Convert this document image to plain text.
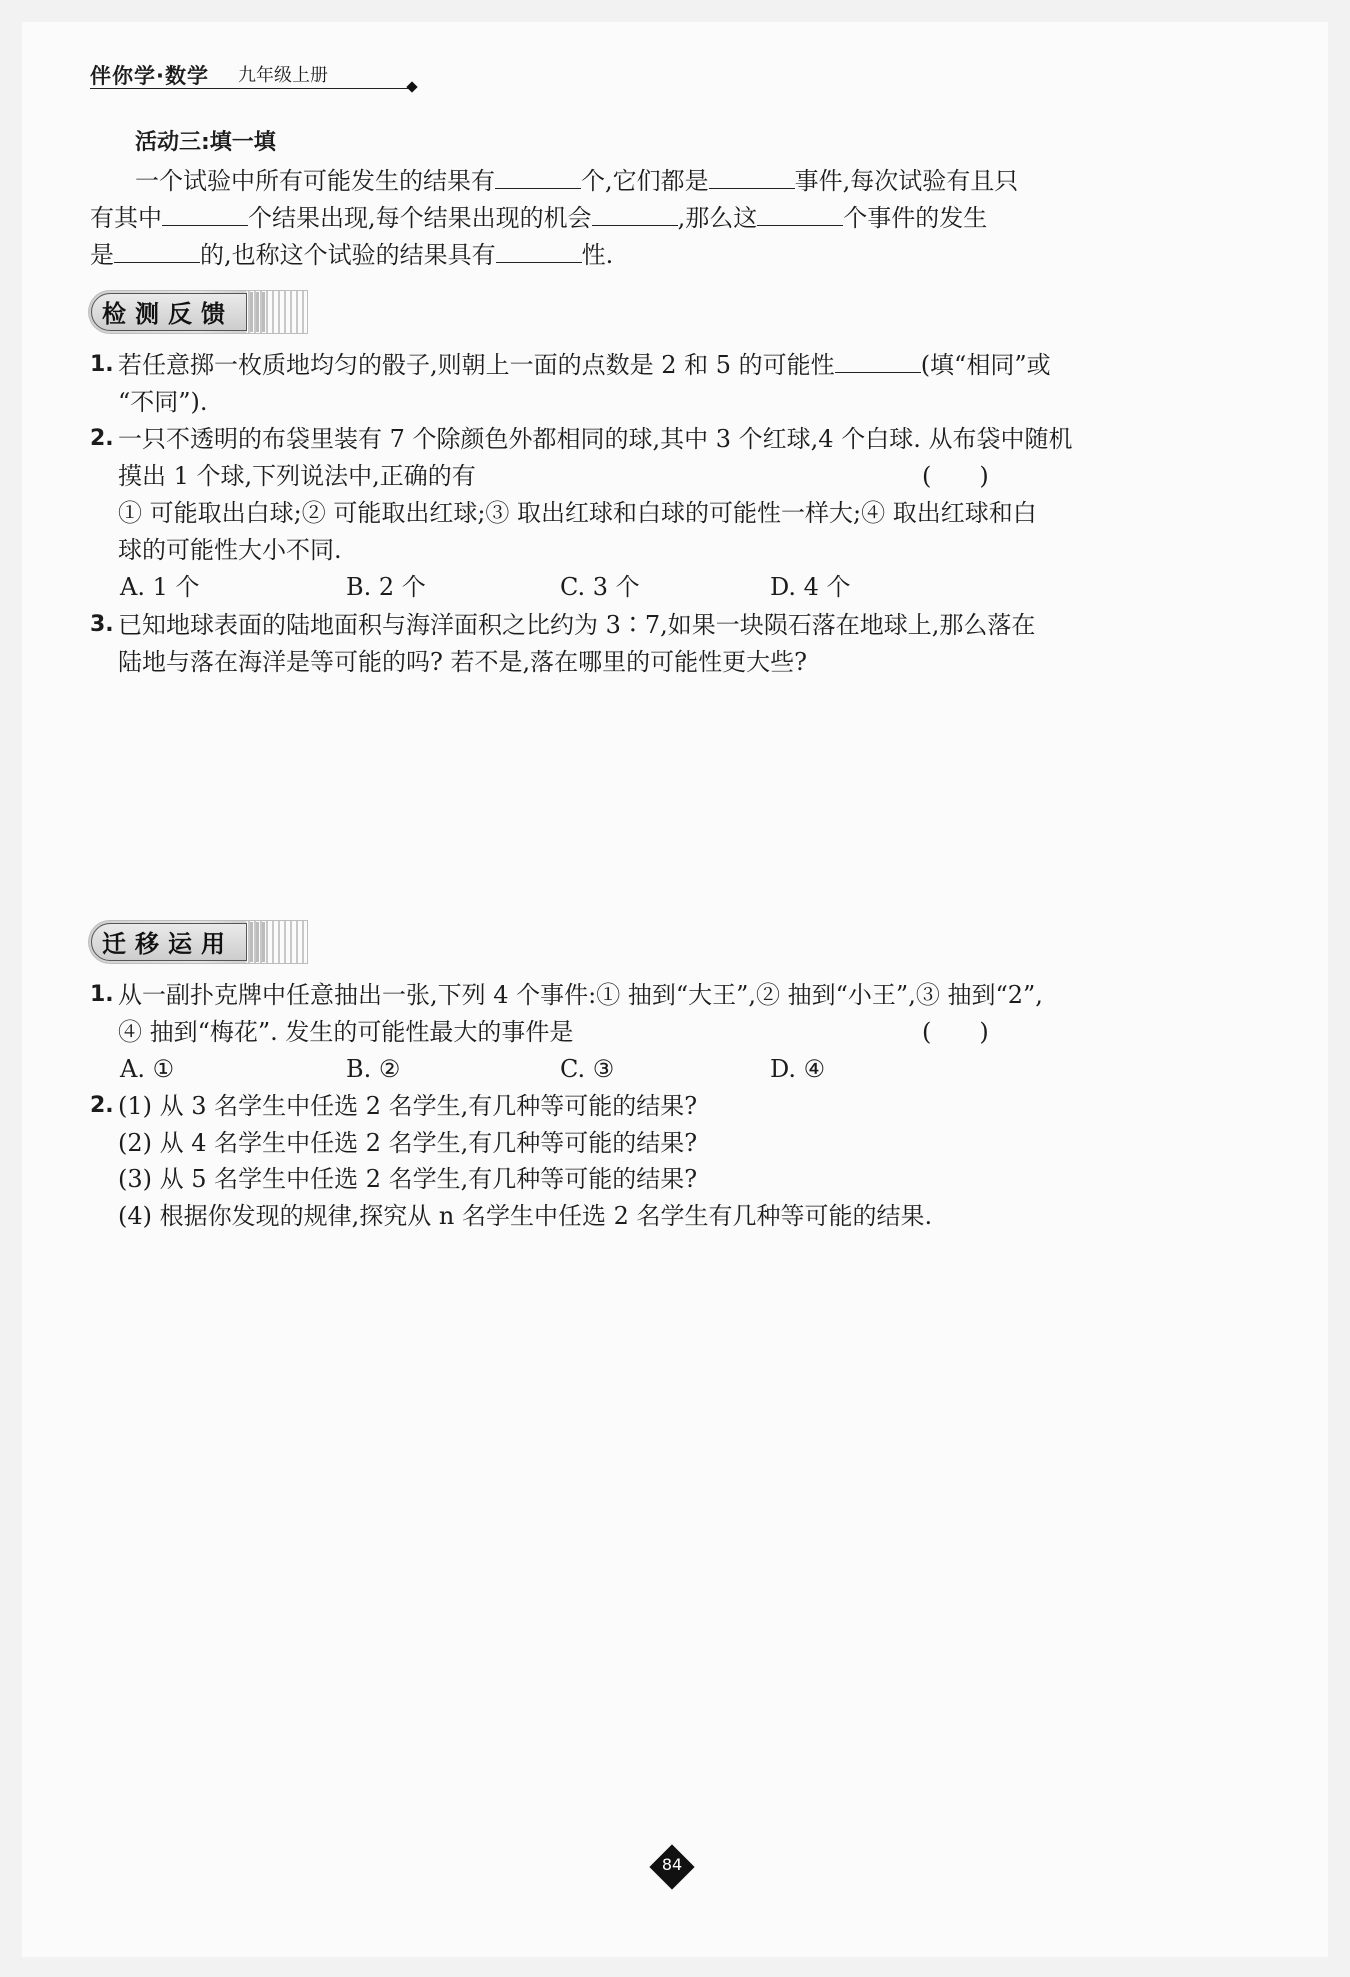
伴你学·数学 九年级上册
活动三:填一填
一个试验中所有可能发生的结果有	个,它们都是	事件,每次试验有且只
有其中	个结果出现,每个结果出现的机会	,那么这	个事件的发生
是	的,也称这个试验的结果具有	性.
检测反馈
1. 若任意掷一枚质地均匀的骰子,则朝上一面的点数是 2 和 5 的可能性	(填“相同”或
“不同”).
2. 一只不透明的布袋里装有 7 个除颜色外都相同的球,其中 3 个红球,4 个白球. 从布袋中随机
摸出 1 个球,下列说法中,正确的有	(　　)
① 可能取出白球;② 可能取出红球;③ 取出红球和白球的可能性一样大;④ 取出红球和白
球的可能性大小不同.
A. 1 个	B. 2 个	C. 3 个	D. 4 个
3. 已知地球表面的陆地面积与海洋面积之比约为 3∶7,如果一块陨石落在地球上,那么落在
陆地与落在海洋是等可能的吗? 若不是,落在哪里的可能性更大些?
迁移运用
1. 从一副扑克牌中任意抽出一张,下列 4 个事件:① 抽到“大王”,② 抽到“小王”,③ 抽到“2”,
④ 抽到“梅花”. 发生的可能性最大的事件是	(　　)
A. ①	B. ②	C. ③	D. ④
2. (1) 从 3 名学生中任选 2 名学生,有几种等可能的结果?
(2) 从 4 名学生中任选 2 名学生,有几种等可能的结果?
(3) 从 5 名学生中任选 2 名学生,有几种等可能的结果?
(4) 根据你发现的规律,探究从 n 名学生中任选 2 名学生有几种等可能的结果.
84
